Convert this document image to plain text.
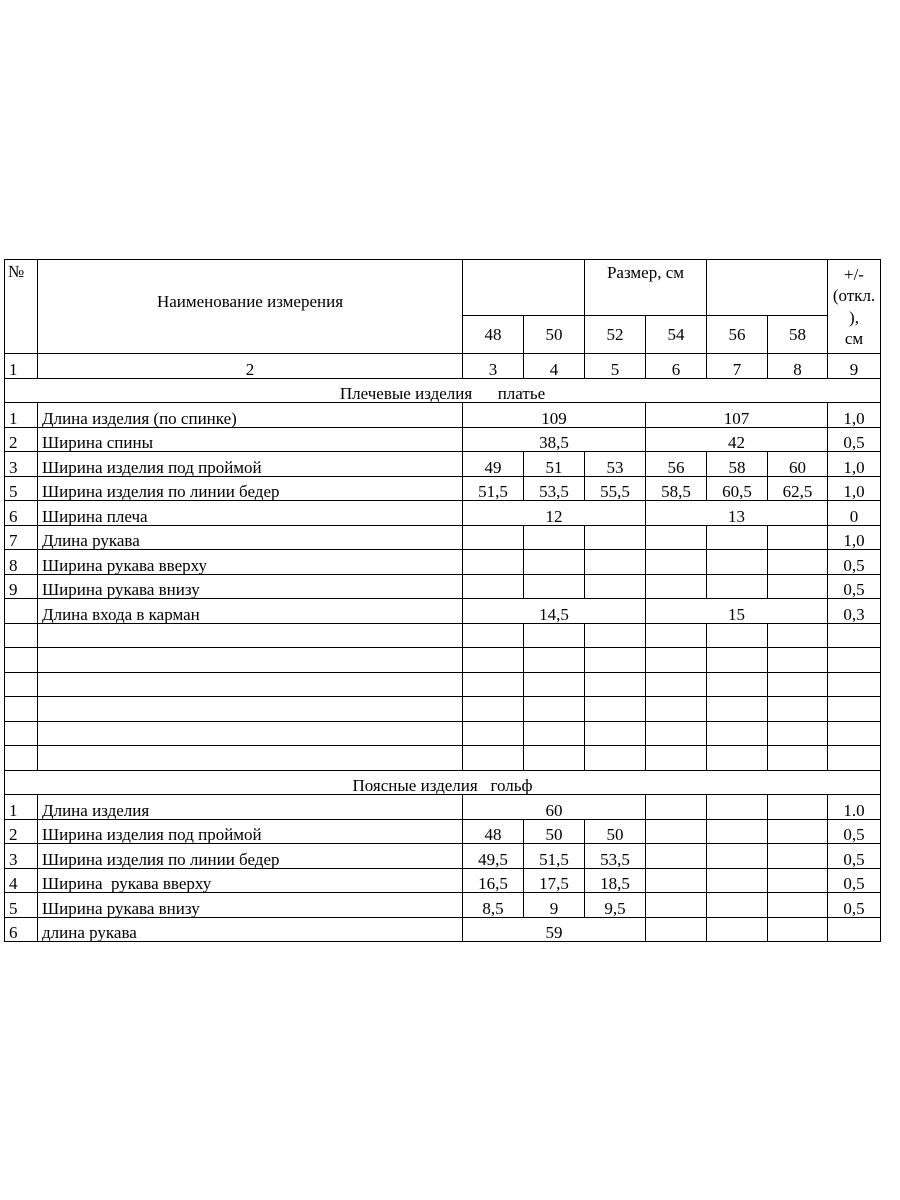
№	Наименование измерения			Размер, см				+/-
(откл.
),
см
		48	50	52	54	56	58	
1	2	3	4	5	6	7	8	9
Плечевые изделия      платье								
1	Длина изделия (по спинке)	109			107			1,0
2	Ширина спины	38,5			42			0,5
3	Ширина изделия под проймой	49	51	53	56	58	60	1,0
5	Ширина изделия по линии бедер	51,5	53,5	55,5	58,5	60,5	62,5	1,0
6	Ширина плеча	12			13			0
7	Длина рукава							1,0
8	Ширина рукава вверху							0,5
9	Ширина рукава внизу							0,5
	Длина входа в карман	14,5			15			0,3

Поясные изделия   гольф								
1	Длина изделия	60						1.0
2	Ширина изделия под проймой	48	50	50				0,5
3	Ширина изделия по линии бедер	49,5	51,5	53,5				0,5
4	Ширина  рукава вверху	16,5	17,5	18,5				0,5
5	Ширина рукава внизу	8,5	9	9,5				0,5
6	длина рукава	59						
